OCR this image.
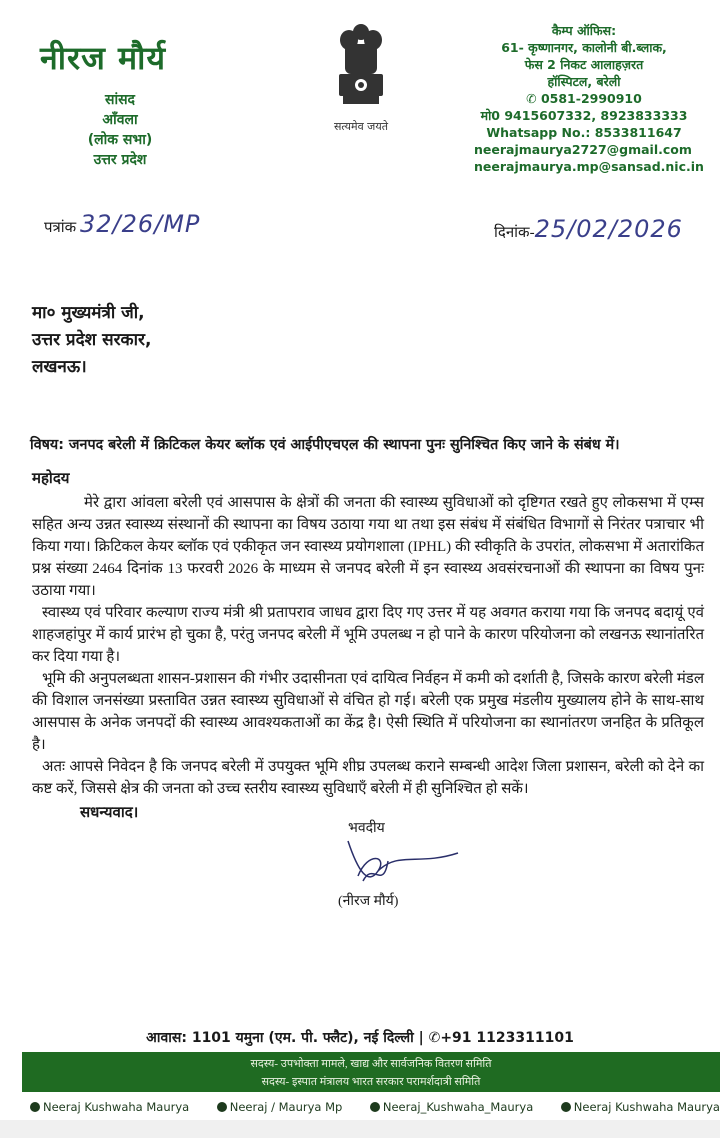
नीरज मौर्य
सांसद
आँवला
(लोक सभा)
उत्तर प्रदेश
सत्यमेव जयते
कैम्प ऑफिस:
61- कृष्णानगर, कालोनी बी.ब्लाक,
फेस 2 निकट आलाहज़रत
हॉस्पिटल, बरेली
✆ 0581-2990910
मो0 9415607332, 8923833333
Whatsapp No.: 8533811647
neerajmaurya2727@gmail.com
neerajmaurya.mp@sansad.nic.in
पत्रांक 32/26/MP	दिनांक-25/02/2026
मा० मुख्यमंत्री जी,
उत्तर प्रदेश सरकार,
लखनऊ।
विषय: जनपद बरेली में क्रिटिकल केयर ब्लॉक एवं आईपीएचएल की स्थापना पुनः सुनिश्चित किए जाने के संबंध में।

महोदय

मेरे द्वारा आंवला बरेली एवं आसपास के क्षेत्रों की जनता की स्वास्थ्य सुविधाओं को दृष्टिगत रखते हुए लोकसभा में एम्स सहित अन्य उन्नत स्वास्थ्य संस्थानों की स्थापना का विषय उठाया गया था तथा इस संबंध में संबंधित विभागों से निरंतर पत्राचार भी किया गया। क्रिटिकल केयर ब्लॉक एवं एकीकृत जन स्वास्थ्य प्रयोगशाला (IPHL) की स्वीकृति के उपरांत, लोकसभा में अतारांकित प्रश्न संख्या 2464 दिनांक 13 फरवरी 2026 के माध्यम से जनपद बरेली में इन स्वास्थ्य अवसंरचनाओं की स्थापना का विषय पुनः उठाया गया।

स्वास्थ्य एवं परिवार कल्याण राज्य मंत्री श्री प्रतापराव जाधव द्वारा दिए गए उत्तर में यह अवगत कराया गया कि जनपद बदायूं एवं शाहजहांपुर में कार्य प्रारंभ हो चुका है, परंतु जनपद बरेली में भूमि उपलब्ध न हो पाने के कारण परियोजना को लखनऊ स्थानांतरित कर दिया गया है।

भूमि की अनुपलब्धता शासन-प्रशासन की गंभीर उदासीनता एवं दायित्व निर्वहन में कमी को दर्शाती है, जिसके कारण बरेली मंडल की विशाल जनसंख्या प्रस्तावित उन्नत स्वास्थ्य सुविधाओं से वंचित हो गई। बरेली एक प्रमुख मंडलीय मुख्यालय होने के साथ-साथ आसपास के अनेक जनपदों की स्वास्थ्य आवश्यकताओं का केंद्र है। ऐसी स्थिति में परियोजना का स्थानांतरण जनहित के प्रतिकूल है।

अतः आपसे निवेदन है कि जनपद बरेली में उपयुक्त भूमि शीघ्र उपलब्ध कराने सम्बन्धी आदेश जिला प्रशासन, बरेली को देने का कष्ट करें, जिससे क्षेत्र की जनता को उच्च स्तरीय स्वास्थ्य सुविधाएँ बरेली में ही सुनिश्चित हो सकें।

सधन्यवाद।

भवदीय
(नीरज मौर्य)
आवास: 1101 यमुना (एम. पी. फ्लैट), नई दिल्ली | ✆+91 1123311101
सदस्य- उपभोक्ता मामले, खाद्य और सार्वजनिक वितरण समिति
सदस्य- इस्पात मंत्रालय भारत सरकार परामर्शदात्री समिति
Neeraj Kushwaha Maurya	Neeraj / Maurya Mp	Neeraj_Kushwaha_Maurya	Neeraj Kushwaha Maurya
